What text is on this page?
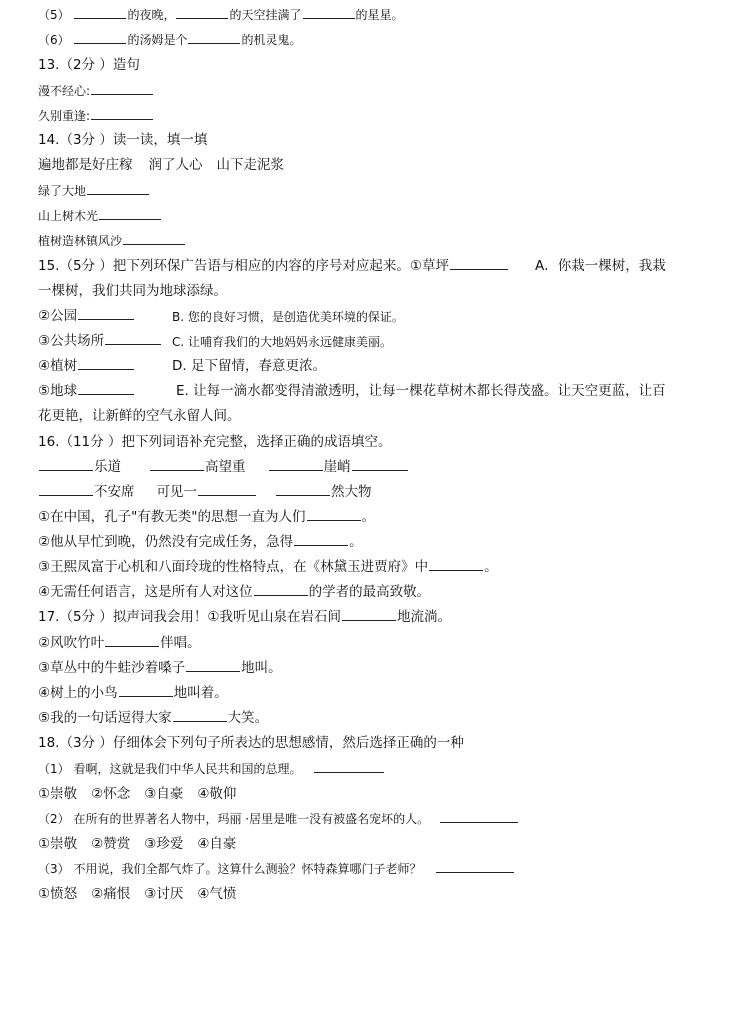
（5）	的夜晚，	的天空挂满了	的星星。
（6）	的汤姆是个	的机灵鬼。
13.（2分 ）造句
漫不经心:
久别重逢:
14.（3分 ）读一读，填一填
遍地都是好庄稼 润了人心 山下走泥浆
绿了大地
山上树木光
植树造林镇风沙
15.（5分 ）把下列环保广告语与相应的内容的序号对应起来。①草坪	A．你栽一棵树，我栽
一棵树，我们共同为地球添绿。
②公园	B. 您的良好习惯，是创造优美环境的保证。
③公共场所	C. 让哺育我们的大地妈妈永远健康美丽。
④植树	D. 足下留情，春意更浓。
⑤地球	E. 让每一滴水都变得清澈透明，让每一棵花草树木都长得茂盛。让天空更蓝，让百
花更艳，让新鲜的空气永留人间。
16.（11分 ）把下列词语补充完整，选择正确的成语填空。
乐道	高望重	崖峭
不安席 可见一	然大物
①在中国，孔子"有教无类"的思想一直为人们	。
②他从早忙到晚，仍然没有完成任务，急得	。
③王熙凤富于心机和八面玲珑的性格特点，在《林黛玉进贾府》中	。
④无需任何语言，这是所有人对这位	的学者的最高致敬。
17.（5分 ）拟声词我会用！①我听见山泉在岩石间	地流淌。
②风吹竹叶	伴唱。
③草丛中的牛蛙沙着嗓子	地叫。
④树上的小鸟	地叫着。
⑤我的一句话逗得大家	大笑。
18.（3分 ）仔细体会下列句子所表达的思想感情，然后选择正确的一种
（1） 看啊，这就是我们中华人民共和国的总理。
①崇敬 ②怀念 ③自豪 ④敬仰
（2） 在所有的世界著名人物中，玛丽 ·居里是唯一没有被盛名宠坏的人。
①崇敬 ②赞赏 ③珍爱 ④自豪
（3） 不用说，我们全都气炸了。这算什么测验？怀特森算哪门子老师？
①愤怒 ②痛恨 ③讨厌 ④气愤
